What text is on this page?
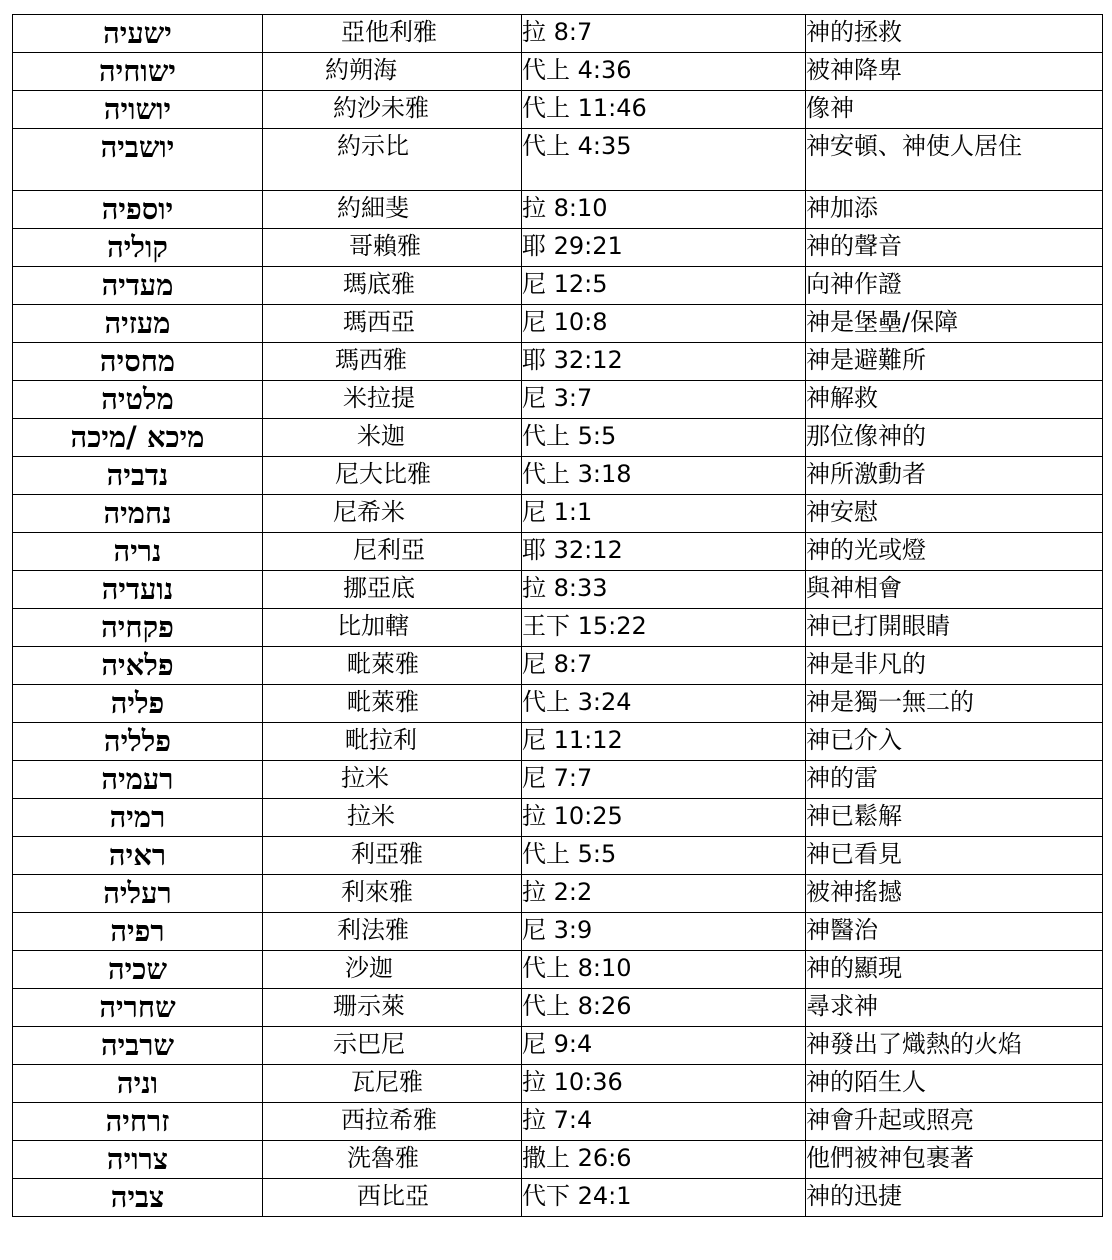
ישעיה	亞他利雅	拉 8:7	神的拯救
ישוחיה	約朔海	代上 4:36	被神降卑
יושויה	約沙未雅	代上 11:46	像神
יושביה	約示比	代上 4:35	神安頓、神使人居住
יוספיה	約細斐	拉 8:10	神加添
קוליה	哥賴雅	耶 29:21	神的聲音
מעדיה	瑪底雅	尼 12:5	向神作證
מעזיה	瑪西亞	尼 10:8	神是堡壘/保障
מחסיה	瑪西雅	耶 32:12	神是避難所
מלטיה	米拉提	尼 3:7	神解救
מיכא /מיכה	米迦	代上 5:5	那位像神的
נדביה	尼大比雅	代上 3:18	神所激動者
נחמיה	尼希米	尼 1:1	神安慰
נריה	尼利亞	耶 32:12	神的光或燈
נועדיה	挪亞底	拉 8:33	與神相會
פקחיה	比加轄	王下 15:22	神已打開眼睛
פלאיה	毗萊雅	尼 8:7	神是非凡的
פליה	毗萊雅	代上 3:24	神是獨一無二的
פלליה	毗拉利	尼 11:12	神已介入
רעמיה	拉米	尼 7:7	神的雷
רמיה	拉米	拉 10:25	神已鬆解
ראיה	利亞雅	代上 5:5	神已看見
רעליה	利來雅	拉 2:2	被神搖撼
רפיה	利法雅	尼 3:9	神醫治
שכיה	沙迦	代上 8:10	神的顯現
שחריה	珊示萊	代上 8:26	尋求神
שרביה	示巴尼	尼 9:4	神發出了熾熱的火焰
וניה	瓦尼雅	拉 10:36	神的陌生人
זרחיה	西拉希雅	拉 7:4	神會升起或照亮
צרויה	洗魯雅	撒上 26:6	他們被神包裹著
צביה	西比亞	代下 24:1	神的迅捷
